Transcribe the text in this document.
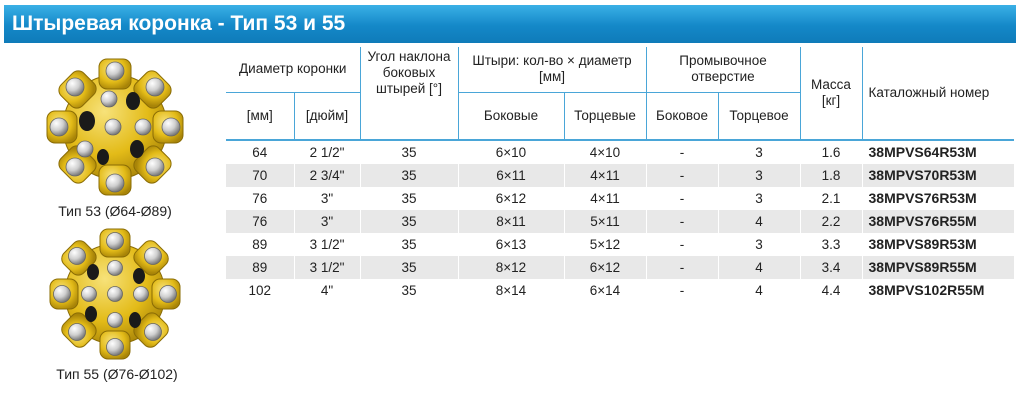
Штыревая коронка - Тип 53 и 55
Тип 53 (Ø64-Ø89)
Тип 55 (Ø76-Ø102)
Диаметр коронки		Угол наклона боковых штырей [°]	Штыри: кол-во × диаметр [мм]		Промывочное отверстие		Масса [кг]	Каталожный номер
[мм]	[дюйм]		Боковые	Торцевые	Боковое	Торцевое		
64	2 1/2"	35	6×10	4×10	-	3	1.6	38MPVS64R53M
70	2 3/4"	35	6×11	4×11	-	3	1.8	38MPVS70R53M
76	3"	35	6×12	4×11	-	3	2.1	38MPVS76R53M
76	3"	35	8×11	5×11	-	4	2.2	38MPVS76R55M
89	3 1/2"	35	6×13	5×12	-	3	3.3	38MPVS89R53M
89	3 1/2"	35	8×12	6×12	-	4	3.4	38MPVS89R55M
102	4"	35	8×14	6×14	-	4	4.4	38MPVS102R55M
